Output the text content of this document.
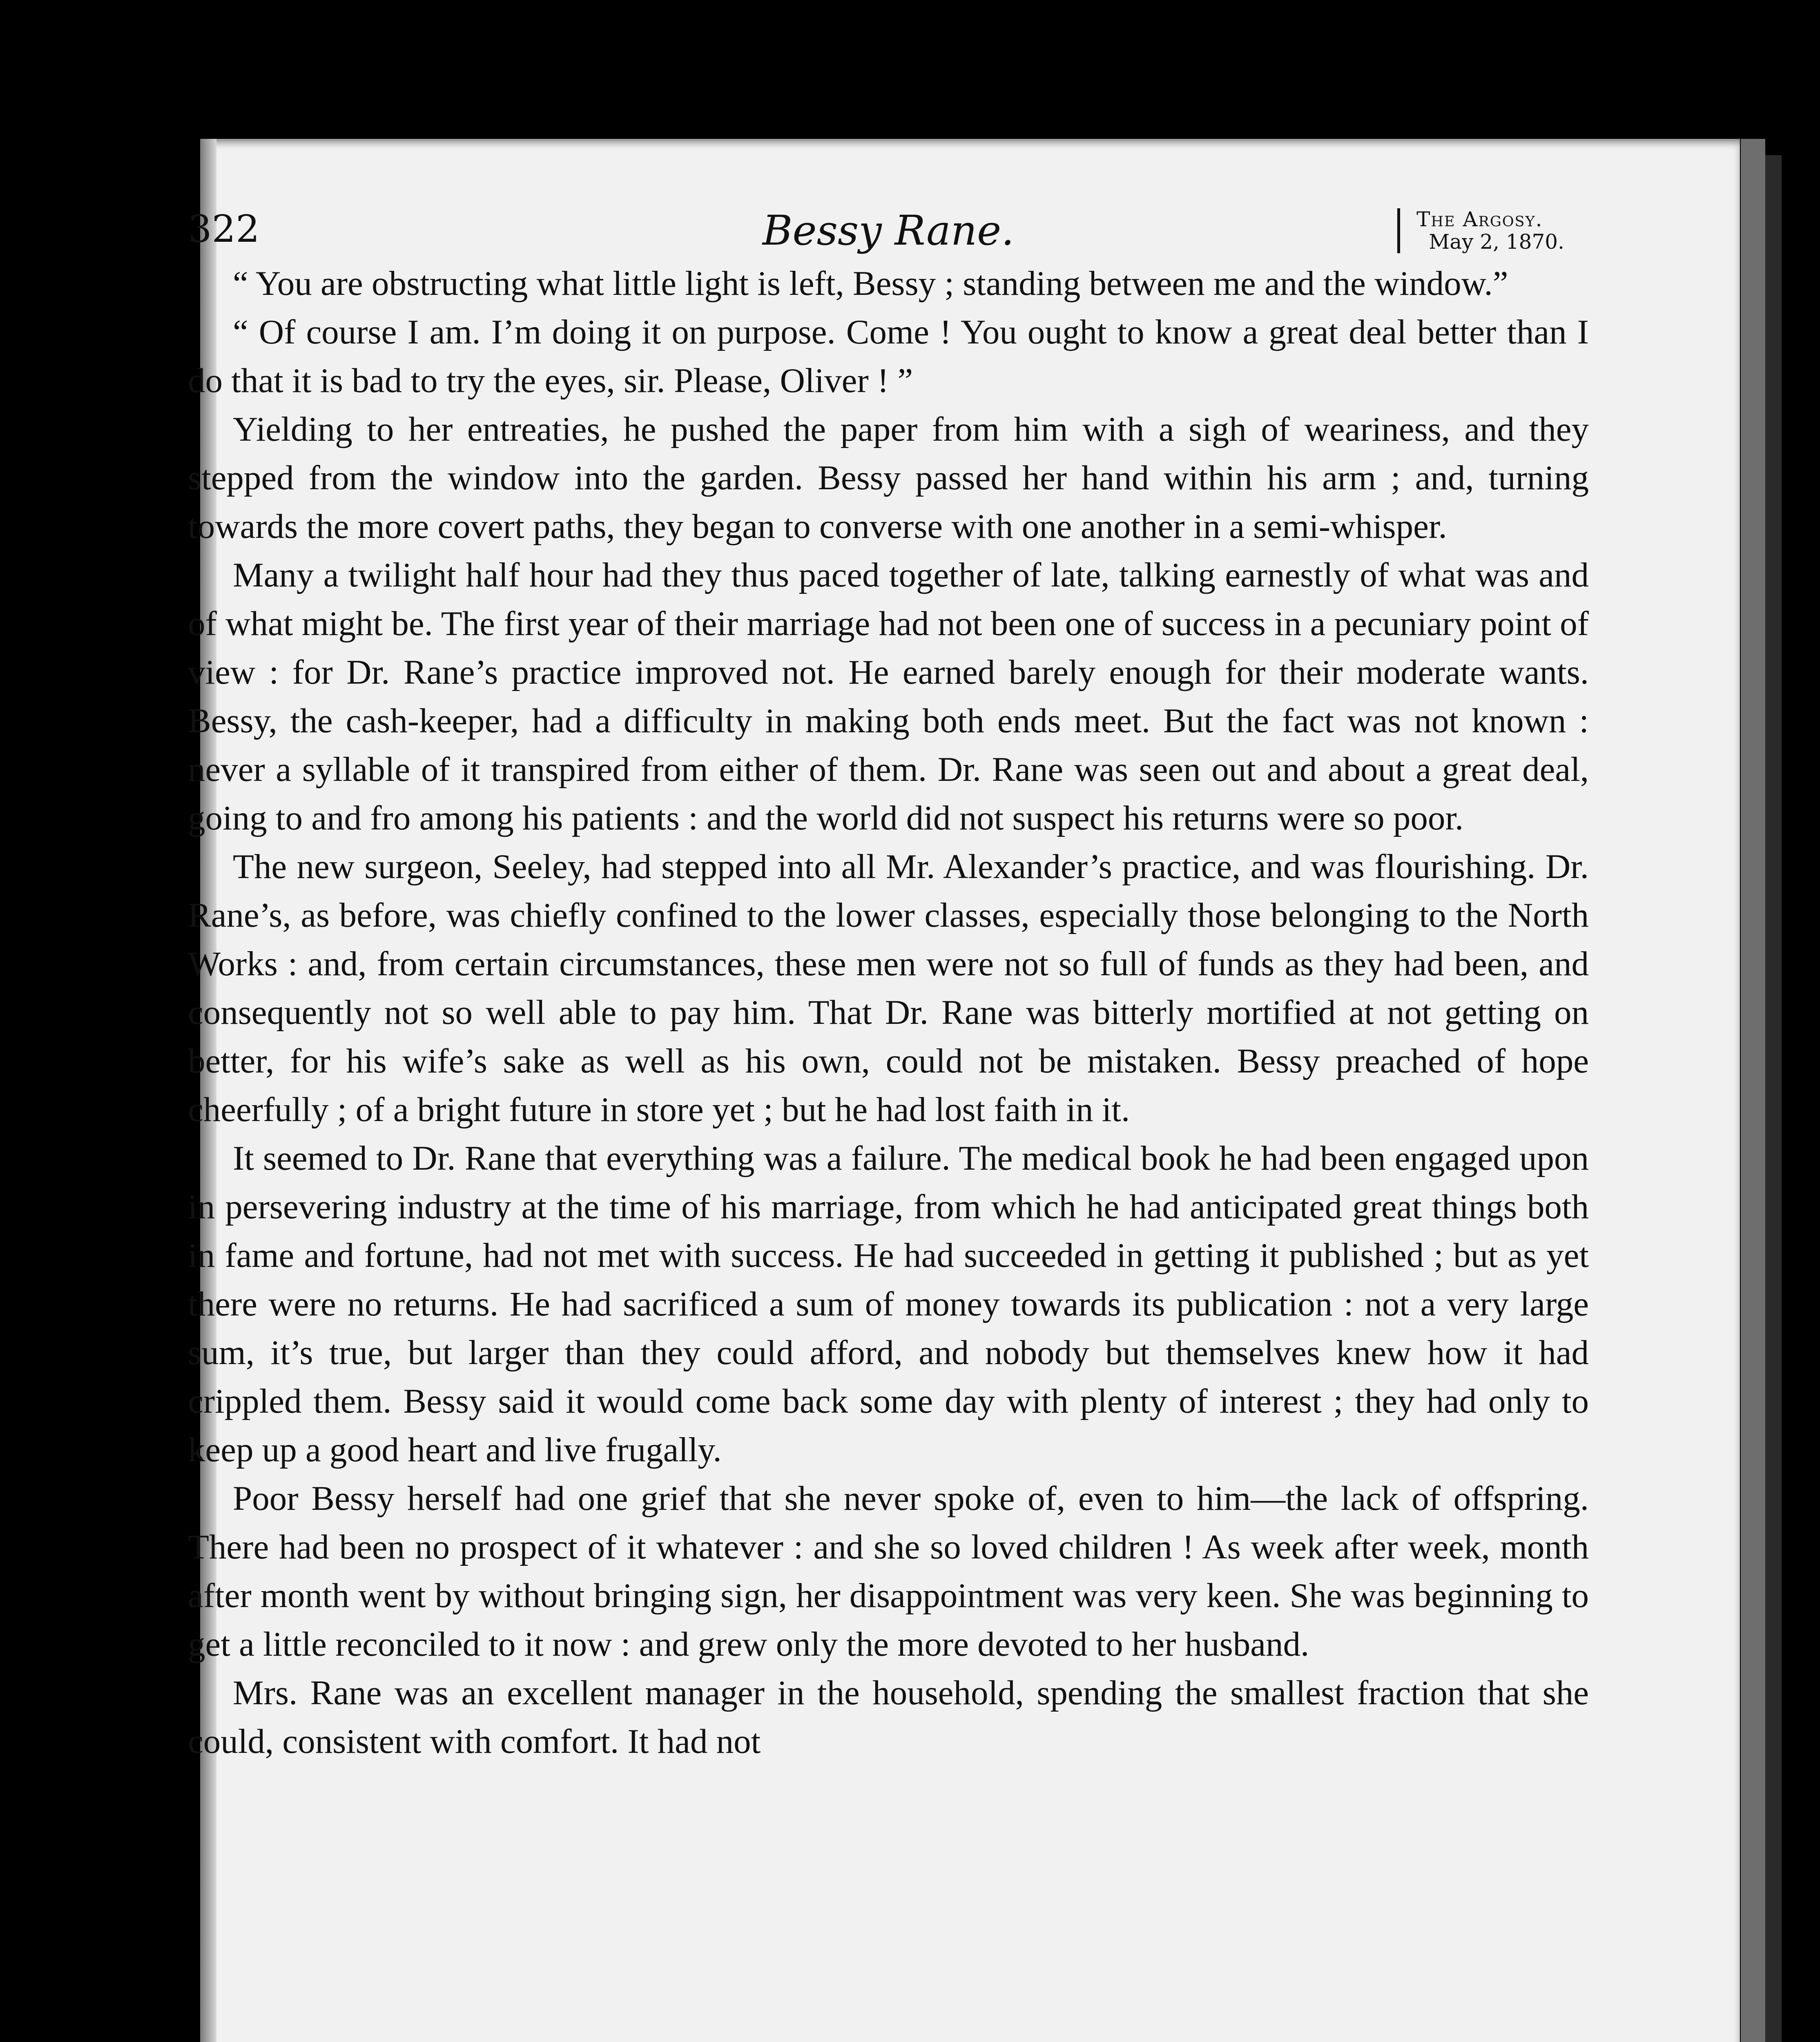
322	Bessy Rane.	The Argosy.
May 2, 1870.

“ You are obstructing what little light is left, Bessy ; standing between me and the window.”

“ Of course I am. I’m doing it on purpose. Come ! You ought to know a great deal better than I do that it is bad to try the eyes, sir. Please, Oliver ! ”

Yielding to her entreaties, he pushed the paper from him with a sigh of weariness, and they stepped from the window into the garden. Bessy passed her hand within his arm ; and, turning towards the more covert paths, they began to converse with one another in a semi-whisper.

Many a twilight half hour had they thus paced together of late, talking earnestly of what was and of what might be. The first year of their marriage had not been one of success in a pecuniary point of view : for Dr. Rane’s practice improved not. He earned barely enough for their moderate wants. Bessy, the cash-keeper, had a difficulty in making both ends meet. But the fact was not known : never a syllable of it transpired from either of them. Dr. Rane was seen out and about a great deal, going to and fro among his patients : and the world did not suspect his returns were so poor.

The new surgeon, Seeley, had stepped into all Mr. Alexander’s practice, and was flourishing. Dr. Rane’s, as before, was chiefly confined to the lower classes, especially those belonging to the North Works : and, from certain circumstances, these men were not so full of funds as they had been, and consequently not so well able to pay him. That Dr. Rane was bitterly mortified at not getting on better, for his wife’s sake as well as his own, could not be mistaken. Bessy preached of hope cheerfully ; of a bright future in store yet ; but he had lost faith in it.

It seemed to Dr. Rane that everything was a failure. The medical book he had been engaged upon in persevering industry at the time of his marriage, from which he had anticipated great things both in fame and fortune, had not met with success. He had succeeded in getting it published ; but as yet there were no returns. He had sacrificed a sum of money towards its publication : not a very large sum, it’s true, but larger than they could afford, and nobody but themselves knew how it had crippled them. Bessy said it would come back some day with plenty of interest ; they had only to keep up a good heart and live frugally.

Poor Bessy herself had one grief that she never spoke of, even to him—the lack of offspring. There had been no prospect of it whatever : and she so loved children ! As week after week, month after month went by without bringing sign, her disappointment was very keen. She was beginning to get a little reconciled to it now : and grew only the more devoted to her husband.

Mrs. Rane was an excellent manager in the household, spending the smallest fraction that she could, consistent with comfort. It had not
